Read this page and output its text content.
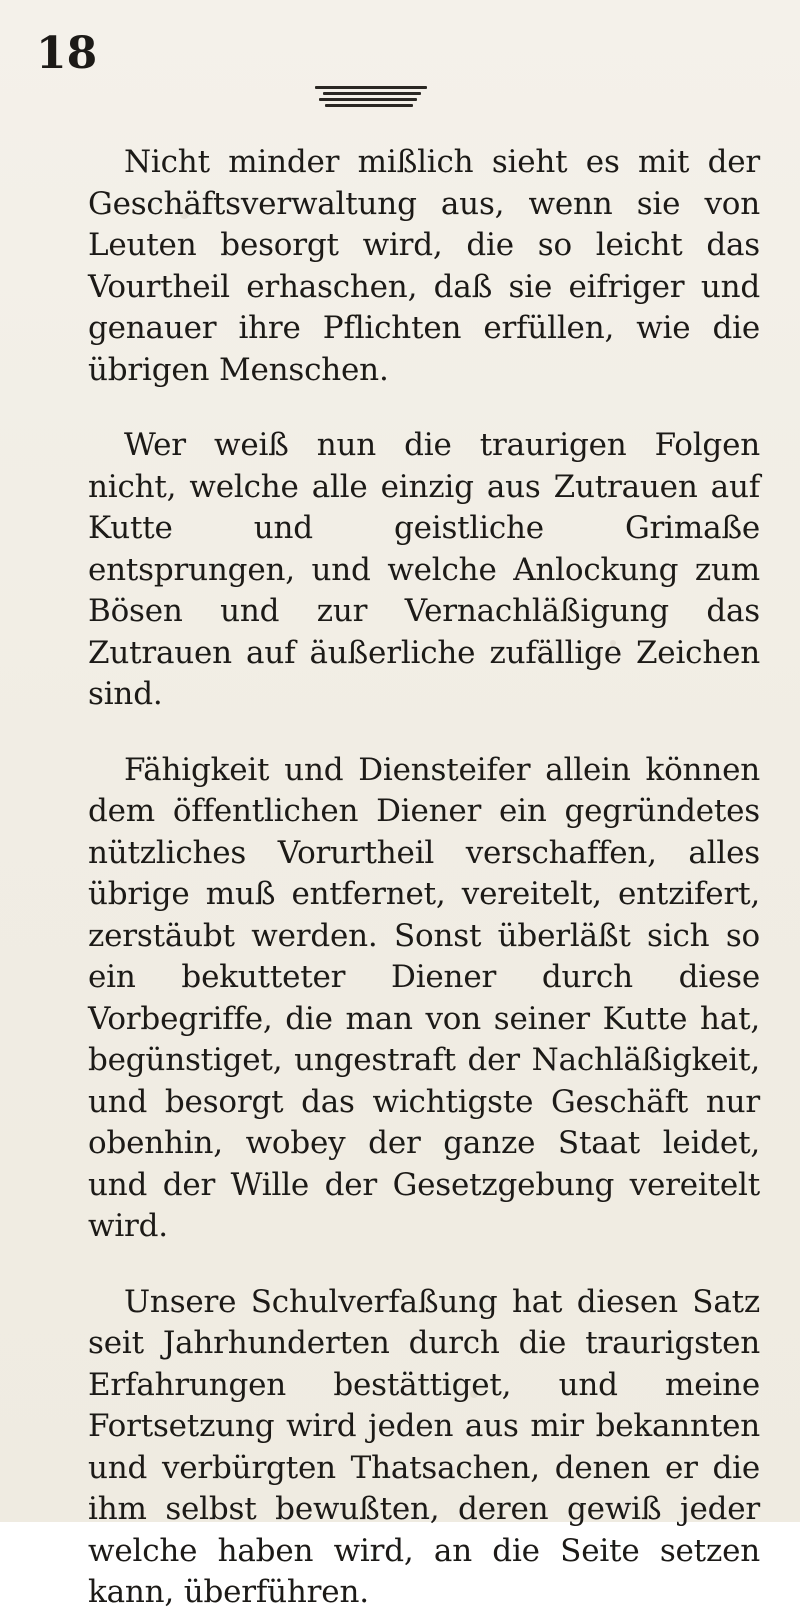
18

Nicht minder mißlich sieht es mit der Geschäftsverwaltung aus, wenn sie von Leuten besorgt wird, die so leicht das Vourtheil erhaschen, daß sie eifriger und genauer ihre Pflichten erfüllen, wie die übrigen Menschen.

Wer weiß nun die traurigen Folgen nicht, welche alle einzig aus Zutrauen auf Kutte und geistliche Grimaße entsprungen, und welche Anlockung zum Bösen und zur Vernachläßigung das Zutrauen auf äußerliche zufällige Zeichen sind.

Fähigkeit und Diensteifer allein können dem öffentlichen Diener ein gegründetes nützliches Vorurtheil verschaffen, alles übrige muß entfernet, vereitelt, entzifert, zerstäubt werden. Sonst überläßt sich so ein bekutteter Diener durch diese Vorbegriffe, die man von seiner Kutte hat, begünstiget, ungestraft der Nachläßigkeit, und besorgt das wichtigste Geschäft nur obenhin, wobey der ganze Staat leidet, und der Wille der Gesetzgebung vereitelt wird.

Unsere Schulverfaßung hat diesen Satz seit Jahrhunderten durch die traurigsten Erfahrungen bestättiget, und meine Fortsetzung wird jeden aus mir bekannten und verbürgten Thatsachen, denen er die ihm selbst bewußten, deren gewiß jeder welche haben wird, an die Seite setzen kann, überführen.
